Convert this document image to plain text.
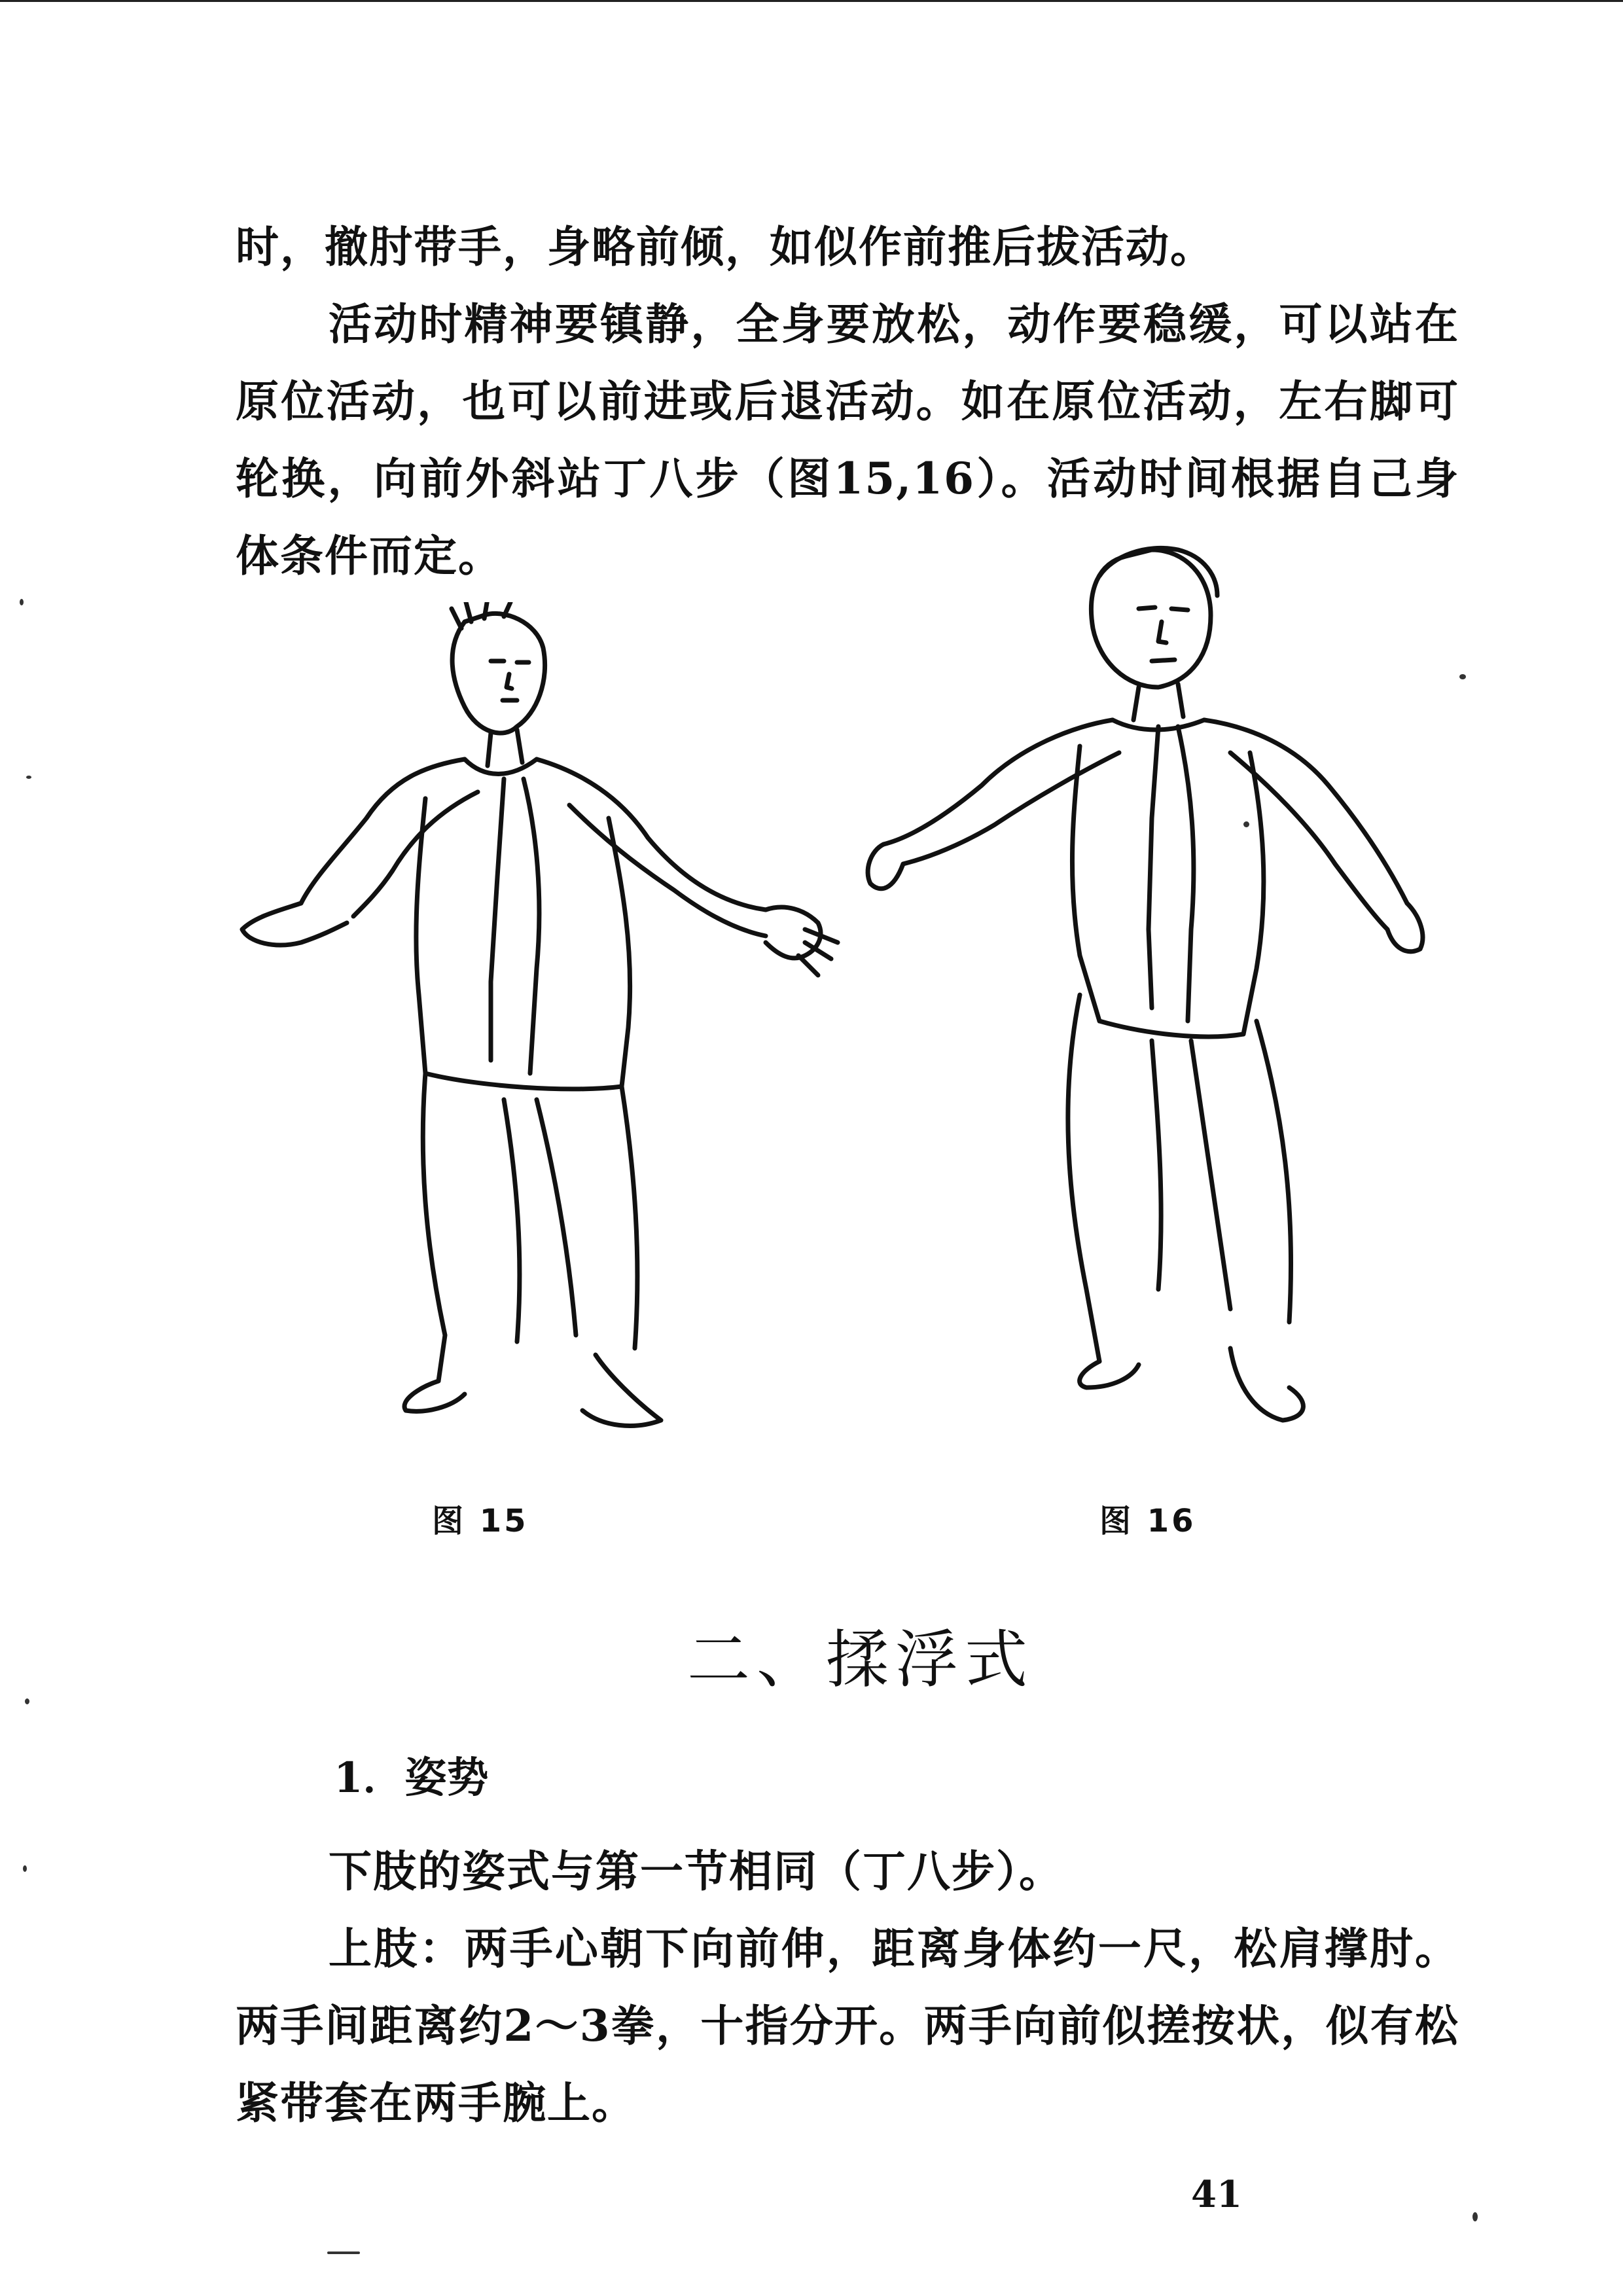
时，撤肘带手，身略前倾，如似作前推后拔活动。

活动时精神要镇静，全身要放松，动作要稳缓，可以站在原位活动，也可以前进或后退活动。如在原位活动，左右脚可轮换，向前外斜站丁八步（图15,16）。活动时间根据自己身体条件而定。

图 15	图 16
二、揉浮式
1．姿势

下肢的姿式与第一节相同（丁八步）。

上肢：两手心朝下向前伸，距离身体约一尺，松肩撑肘。两手间距离约2～3拳，十指分开。两手向前似搓按状，似有松紧带套在两手腕上。

41
